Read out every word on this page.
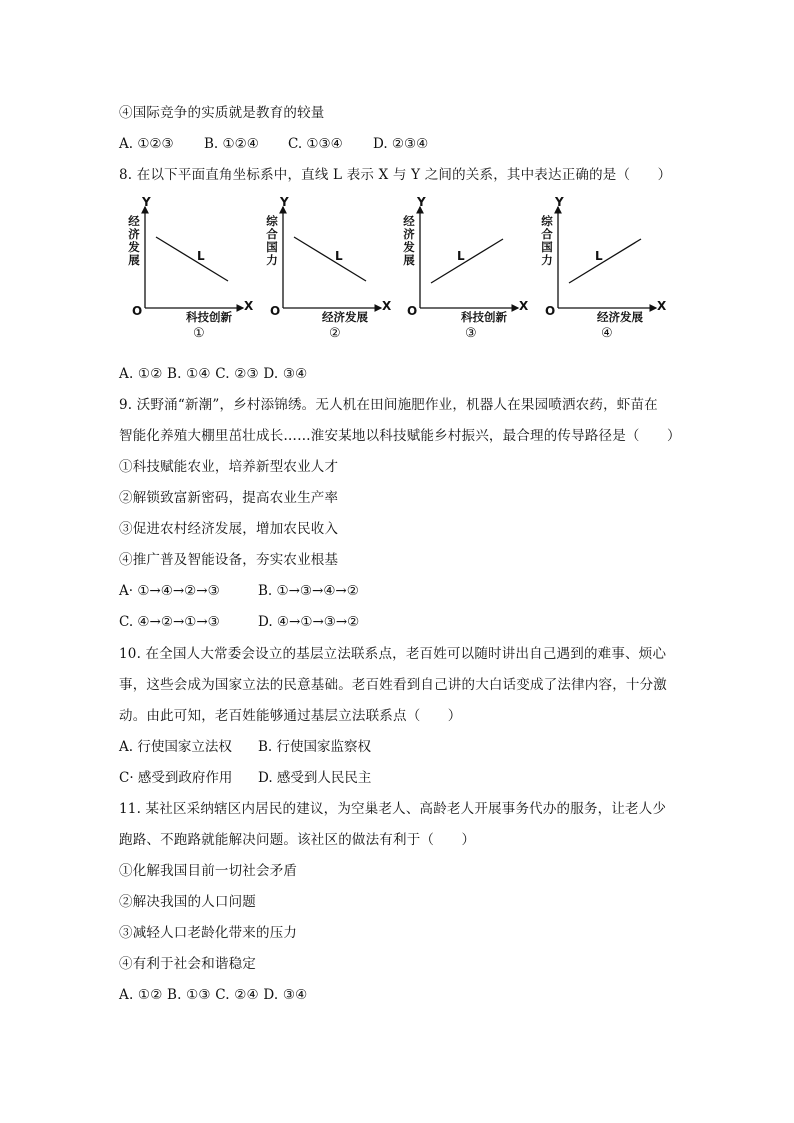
④国际竞争的实质就是教育的较量
A. ①②③ B. ①②④ C. ①③④ D. ②③④
8. 在以下平面直角坐标系中，直线 L 表示 X 与 Y 之间的关系，其中表达正确的是（　　）
Y
X
O
经济发展
科技创新
L
①
Y
X
O
综合国力
经济发展
L
②
Y
X
O
经济发展
科技创新
L
③
Y
X
O
综合国力
经济发展
L
④
A. ①② B. ①④ C. ②③ D. ③④
9. 沃野涌“新潮”，乡村添锦绣。无人机在田间施肥作业，机器人在果园喷洒农药，虾苗在
智能化养殖大棚里茁壮成长……淮安某地以科技赋能乡村振兴，最合理的传导路径是（　　）
①科技赋能农业，培养新型农业人才
②解锁致富新密码，提高农业生产率
③促进农村经济发展，增加农民收入
④推广普及智能设备，夯实农业根基
A· ①→④→②→③	B. ①→③→④→②
C. ④→②→①→③	D. ④→①→③→②
10. 在全国人大常委会设立的基层立法联系点，老百姓可以随时讲出自己遇到的难事、烦心
事，这些会成为国家立法的民意基础。老百姓看到自己讲的大白话变成了法律内容，十分激
动。由此可知，老百姓能够通过基层立法联系点（　　）
A. 行使国家立法权 B. 行使国家监察权
C· 感受到政府作用 D. 感受到人民民主
11. 某社区采纳辖区内居民的建议，为空巢老人、高龄老人开展事务代办的服务，让老人少
跑路、不跑路就能解决问题。该社区的做法有利于（　　）
①化解我国目前一切社会矛盾
②解决我国的人口问题
③减轻人口老龄化带来的压力
④有利于社会和谐稳定
A. ①② B. ①③ C. ②④ D. ③④
